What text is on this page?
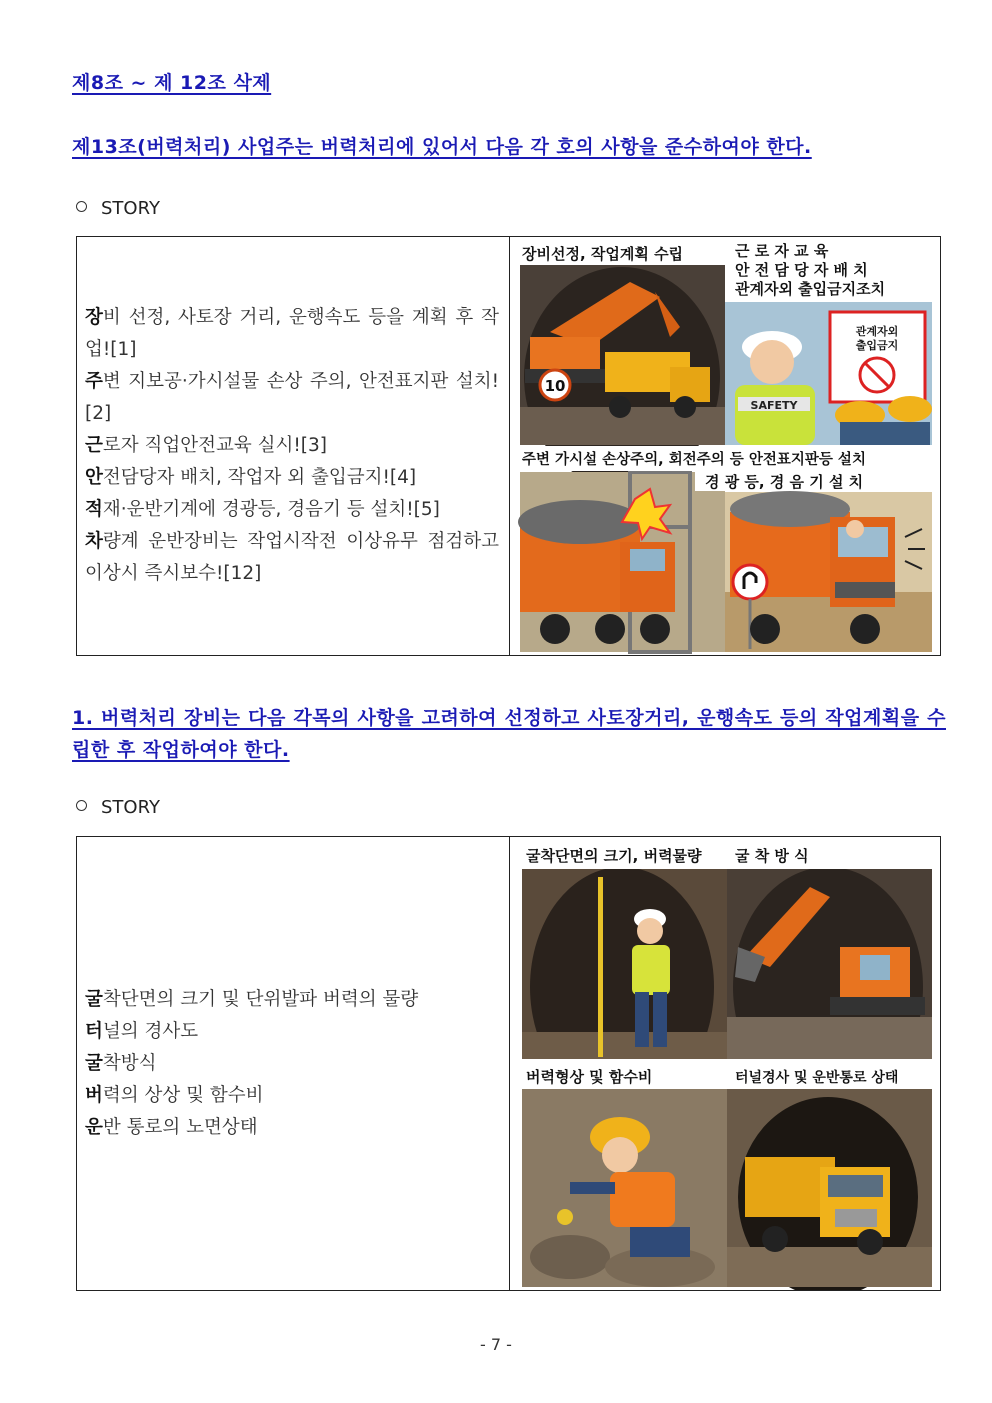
제8조 ~ 제 12조 삭제
제13조(버력처리) 사업주는 버력처리에 있어서 다음 각 호의 사항을 준수하여야 한다.
STORY
장비 선정, 사토장 거리, 운행속도 등을 계획 후 작업![1]
주변 지보공·가시설물 손상 주의, 안전표지판 설치![2]
근로자 직업안전교육 실시![3]
안전담당자 배치, 작업자 외 출입금지![4]
적재·운반기계에 경광등, 경음기 등 설치![5]
차량계 운반장비는 작업시작전 이상유무 점검하고 이상시 즉시보수![12]
10
관계자외
출입금지
SAFETY
장비선정, 작업계획 수립	근 로 자 교 육
안 전 담 당 자 배 치
관계자외 출입금지조치
주변 가시설 손상주의, 회전주의 등 안전표지판등 설치
경 광 등, 경 음 기 설 치
1. 버력처리 장비는 다음 각목의 사항을 고려하여 선정하고 사토장거리, 운행속도 등의 작업계획을 수립한 후 작업하여야 한다.
STORY
굴착단면의 크기 및 단위발파 버력의 물량
터널의 경사도
굴착방식
버력의 상상 및 함수비
운반 통로의 노면상태
굴착단면의 크기, 버력물량 굴 착 방 식
버력형상 및 함수비	터널경사 및 운반통로 상태
- 7 -
